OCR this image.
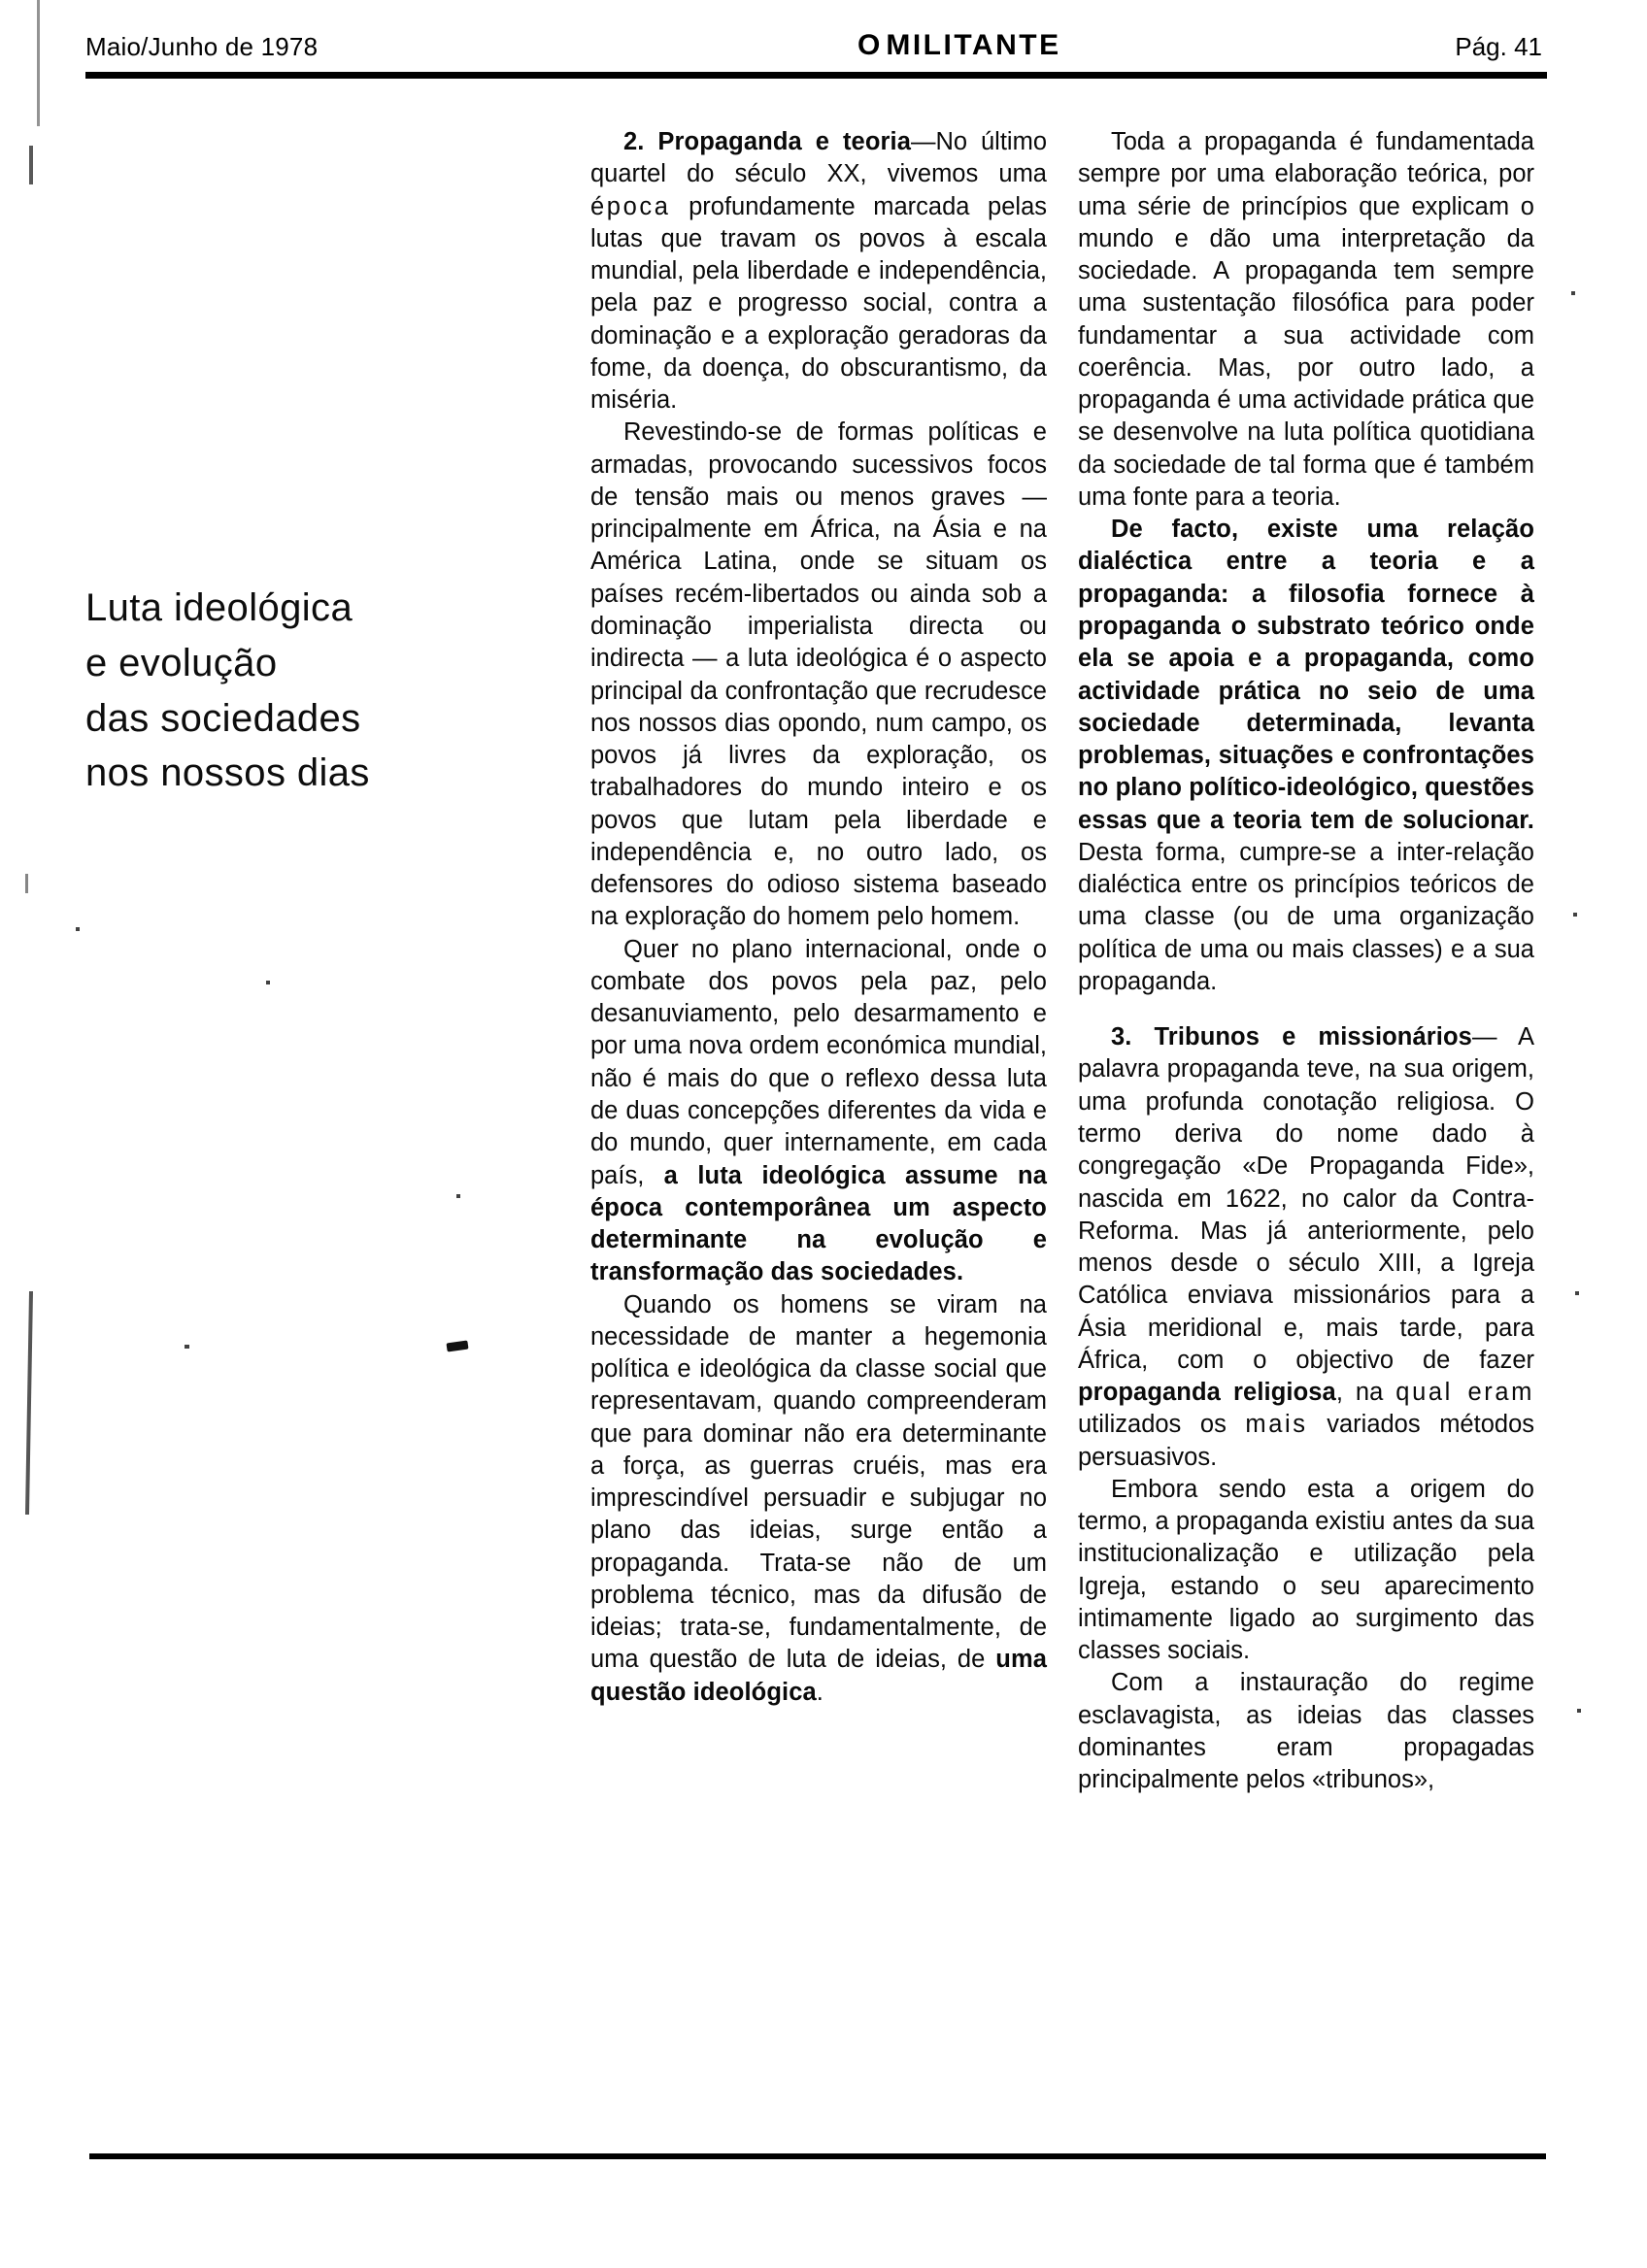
Maio/Junho de 1978	OMILITANTE	Pág. 41
Luta ideológica
e evolução
das sociedades
nos nossos dias

2. Propaganda e teoria—No último quartel do século XX, vivemos uma época profundamente marcada pelas lutas que travam os povos à escala mundial, pela liberdade e independência, pela paz e progresso social, contra a dominação e a exploração geradoras da fome, da doença, do obscurantismo, da miséria.

Revestindo-se de formas políticas e armadas, provocando sucessivos focos de tensão mais ou menos graves — principalmente em África, na Ásia e na América Latina, onde se situam os países recém-libertados ou ainda sob a dominação imperialista directa ou indirecta — a luta ideológica é o aspecto principal da confrontação que recrudesce nos nossos dias opondo, num campo, os povos já livres da exploração, os trabalhadores do mundo inteiro e os povos que lutam pela liberdade e independência e, no outro lado, os defensores do odioso sistema baseado na exploração do homem pelo homem.

Quer no plano internacional, onde o combate dos povos pela paz, pelo desanuviamento, pelo desarmamento e por uma nova ordem económica mundial, não é mais do que o reflexo dessa luta de duas concepções diferentes da vida e do mundo, quer internamente, em cada país, a luta ideológica assume na época contemporânea um aspecto determinante na evolução e transformação das sociedades.

Quando os homens se viram na necessidade de manter a hegemonia política e ideológica da classe social que representavam, quando compreenderam que para dominar não era determinante a força, as guerras cruéis, mas era imprescindível persuadir e subjugar no plano das ideias, surge então a propaganda. Trata-se não de um problema técnico, mas da difusão de ideias; trata-se, fundamentalmente, de uma questão de luta de ideias, de uma questão ideológica.

Toda a propaganda é fundamentada sempre por uma elaboração teórica, por uma série de princípios que explicam o mundo e dão uma interpretação da sociedade. A propaganda tem sempre uma sustentação filosófica para poder fundamentar a sua actividade com coerência. Mas, por outro lado, a propaganda é uma actividade prática que se desenvolve na luta política quotidiana da sociedade de tal forma que é também uma fonte para a teoria.

De facto, existe uma relação dialéctica entre a teoria e a propaganda: a filosofia fornece à propaganda o substrato teórico onde ela se apoia e a propaganda, como actividade prática no seio de uma sociedade determinada, levanta problemas, situações e confrontações no plano político-ideológico, questões essas que a teoria tem de solucionar. Desta forma, cumpre-se a inter-relação dialéctica entre os princípios teóricos de uma classe (ou de uma organização política de uma ou mais classes) e a sua propaganda.

3. Tribunos e missionários— A palavra propaganda teve, na sua origem, uma profunda conotação religiosa. O termo deriva do nome dado à congregação «De Propaganda Fide», nascida em 1622, no calor da Contra-Reforma. Mas já anteriormente, pelo menos desde o século XIII, a Igreja Católica enviava missionários para a Ásia meridional e, mais tarde, para África, com o objectivo de fazer propaganda religiosa, na qual eram utilizados os mais variados métodos persuasivos.

Embora sendo esta a origem do termo, a propaganda existiu antes da sua institucionalização e utilização pela Igreja, estando o seu aparecimento intimamente ligado ao surgimento das classes sociais.

Com a instauração do regime esclavagista, as ideias das classes dominantes eram propagadas principalmente pelos «tribunos»,
